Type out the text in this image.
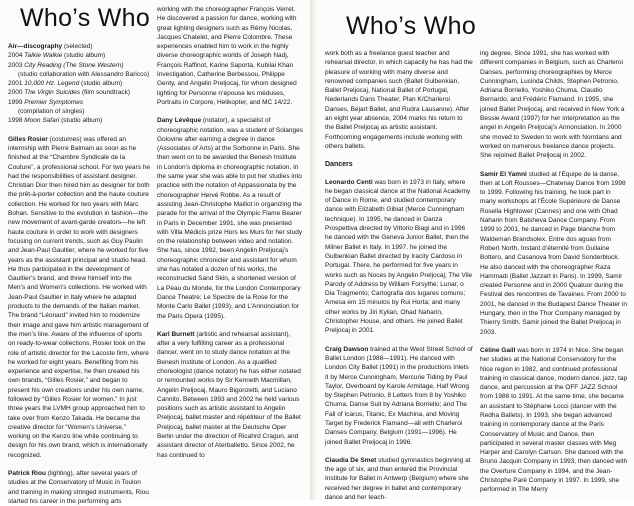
Who’s Who

Air—discography (selected)
2004 Talkie Walkie (studio album)
2003 City Reading (The Stone Western)
(studio collaboration with Alessandro Baricco)
2001 10,000 Hz. Legend (studio album)
2000 The Virgin Suicides (film soundtrack)
1999 Premier Symptomes
(compilation of singles)
1998 Moon Safari (studio album)

Gilles Rosier (costumes) was offered an internship with Pierre Balmain as soon as he finished at the “Chambre Syndicale de la Couture”, a professional school. For two years he had the responsibilities of assistant designer. Christian Dior then hired him as designer for both the prêt-à-porter collection and the haute couture collection. He worked for two years with Marc Bohan. Sensitive to the evolution in fashion—the new movement of avant-garde creators—he left haute couture in order to work with designers focusing on current trends, such as Guy Paulin and Jean-Paul Gaultier, where he worked for five years as the assistant principal and studio head. He thus participated in the development of Gaultier’s brand, and threw himself into the Men’s and Women’s collections. He worked with Jean-Paul Gaultier in Italy where he adapted products to the demands of the Italian market. The brand “Léonard” invited him to modernize their image and gave him artistic management of the men’s line. Aware of the influence of sports on ready-to-wear collections, Rosier took on the role of artistic director for the Lacoste firm, where he worked for eight years. Benefiting from his experience and expertise, he then created his own brands, “Gilles Rosier,” and began to present his own creations under his own name, followed by “Gilles Rosier for women.” In just three years the LVMH group approached him to take over from Kenzo Takada. He became the creative director for “Women’s Universe,” working on the Kenzo line while continuing to design for his own brand, which is internationally recognized.

Patrick Riou (lighting), after several years of studies at the Conservatory of Music in Toulon and training in making stringed instruments, Riou started his career in the performing arts

working with the choreographer François Verret. He discovered a passion for dance, working with great lighting designers such as Rémy Nicolas, Jacques Chatelet, and Pierre Colombre. These experiences enabled him to work in the highly diverse choreographic worlds of Joseph Nadj, François Raffinot, Karine Saporta, Kubilai Khan Investigation, Catherine Berbessou, Philippe Genty, and Angelin Preljocaj, for whom designed lighting for Personne n’épouse les méduses, Portraits in Corpore, Helikopter, and MC 14/22.

Dany Lévêque (notator), a specialist of choreographic notation, was a student of Solanges Golovine after earning a degree in dance (Associates of Arts) at the Sorbonne in Paris. She then went on to be awarded the Benesh Institute in London’s diploma in choreographic notation. In the same year she was able to put her studies into practice with the notation of Appassionata by the choreographer Hervé Robbe. As a result of assisting Jean-Christophe Maillot in organizing the parade for the arrival of the Olympic Flame Bearer in Paris in December 1991, she was presented with Villa Médicis prize Hors les Murs for her study on the relationship between video and notation. She has, since 1992, been Angelin Preljocaj’s choreographic chronicler and assistant for whom she has notated a dozen of his works, the reconstructed Sand Skin, a shortened version of La Peau du Monde, for the London Contemporary Dance Theatre; Le Spectre de la Rose for the Monte Carlo Ballet (1993), and L’Annonciation for the Paris Opera (1995).

Karl Burnett (artistic and rehearsal assistant), after a very fulfilling career as a professional dancer, went on to study dance notation at the Benesh Institute of London. As a qualified choreologist (dance notator) he has either notated or remounted works by Sir Kenneth Macmillan, Angelin Preljocaj, Mauro Bigonzetti, and Luciano Cannito. Between 1993 and 2002 he held various positions such as artistic assistant to Angelin Preljocaj, ballet master and répétiteur of the Ballet Preljocaj, ballet master at the Deutsche Oper Berlin under the direction of Ricahrd Cragun, and assistant director of Aterballetto. Since 2002, he has continued to

Who’s Who

work both as a freelance guest teacher and rehearsal director, in which capacity he has had the pleasure of working with many diverse and renowned companies such (Ballet Gulbenkian, Ballet Preljocaj, National Ballet of Portugal, Nederlands Dans Theater, Plan K/Charleroi Danses, Béjart Ballet, and Rudra Lausanne). After an eight year absence, 2004 marks his return to the Ballet Preljocaj as artistic assistant. Forthcoming engagements include working with others ballets.

Dancers

Leonardo Centi was born in 1973 in Italy, where he began classical dance at the National Academy of Dance in Rome, and studied contemporary dance with Elizabeth Gibiat (Merce Cunningham technique). In 1995, he danced in Danza Prospettiva directed by Vittorio Biagi and in 1996 he danced with the Geneva Junior Ballet, then the Milner Ballet in Italy. In 1997, he joined the Gulbenkian Ballet directed by Iracity Cardoso in Portugal. There, he performed for five years in works such as Noces by Angelin Preljocaj; The Vile Parody of Address by William Forsythe; Lunar, o Dia Tragmento; Cartografia dos lugares comuns; Arnesa em 15 minutos by Rui Horta; and many other works by Jiri Kylian, Ohad Naharin, Christopher House, and others. He joined Ballet Preljocaj in 2001.

Craig Dawson trained at the West Street School of Ballet London (1988—1991). He danced with London City Ballet (1991) in the productions Inlets II by Merce Cunningham, Mercurie Tiding by Paul Taylor, Overboard by Karole Armitage, Half Wrong by Stephen Petronio, 8 Letters from 8 by Yoshiko Chuma, Danse Suit by Adriana Borriello; and The Fall of Icarus, Titanic, Ex Machina, and Moving Target by Frederick Flamand—all with Charleroi Danses Company, Belgium (1991—1996). He joined Ballet Preljocaj in 1996.

Claudia De Smet studied gymnastics beginning at the age of six, and then entered the Provincial Institute for Ballet in Antwerp (Belgium) where she received her degree in ballet and contemporary dance and her teach-

ing degree. Since 1991, she has worked with different companies in Belgium, such as Charleroi Danses, performing choreographies by Merce Cunningham, Lucinda Childs, Stephen Petronio, Adriana Borriello, Yoshiko Chuma, Claudio Bernardo, and Frédéric Flamand. In 1995, she joined Ballet Preljocaj, and received in New York a Bessie Award (1997) for her interpretation as the angel in Angelin Preljocaj’s Annonciation. In 2000 she moved to Sweden to work with Norrdans and worked on numerous freelance dance projects. She rejoined Ballet Preljocaj in 2002.

Samir El Yamni studied at l’Equipe de la danse, then at Loft Rousses—Chatenay Dance from 1998 to 1999. Following his training, he took part in many workshops at l’École Supérieure de Danse Rosella Hightower (Cannes) and one with Ohad Naharin from Batsheva Dance Company. From 1999 to 2001, he danced in Page blanche from Waldeman Brandsolex, Entre dos aguas from Robert North, Instant d’éternité from Guilaine Bottero, and Casanova from David Sonderbluck. He also danced with the choreographer Raza Hammadi (Ballet Jazzart in Paris). In 1999, Samir created Personne and in 2000 Quatuor during the Festival des rencontres de Tavaines. From 2000 to 2001, he danced in the Budapest Dance Theater in Hungary, then in the Thor Company managed by Thierry Smith. Samir joined the Ballet Preljocaj in 2003.

Céline Gaill was born in 1974 in Nice. She began her studies at the National Conservatory for the Nice region in 1982, and continued professional training in classical dance, modern dance, jazz, tap dance, and percussion at the OFF JAZZ School from 1988 to 1991. At the same time, she became an assistant to Stéphane Locci (dancer with the Redha Ballets). In 1993, she began advanced training in contemporary dance at the Paris Conservatory of Music and Dance, then participated in several master classes with Meg Harper and Carolyn Carlson. She danced with the Bruno Jacquin Company in 1993, then danced with the Overture Company in 1994, and the Jean-Christophe Paré Company in 1997. In 1999, she performed in The Merry
